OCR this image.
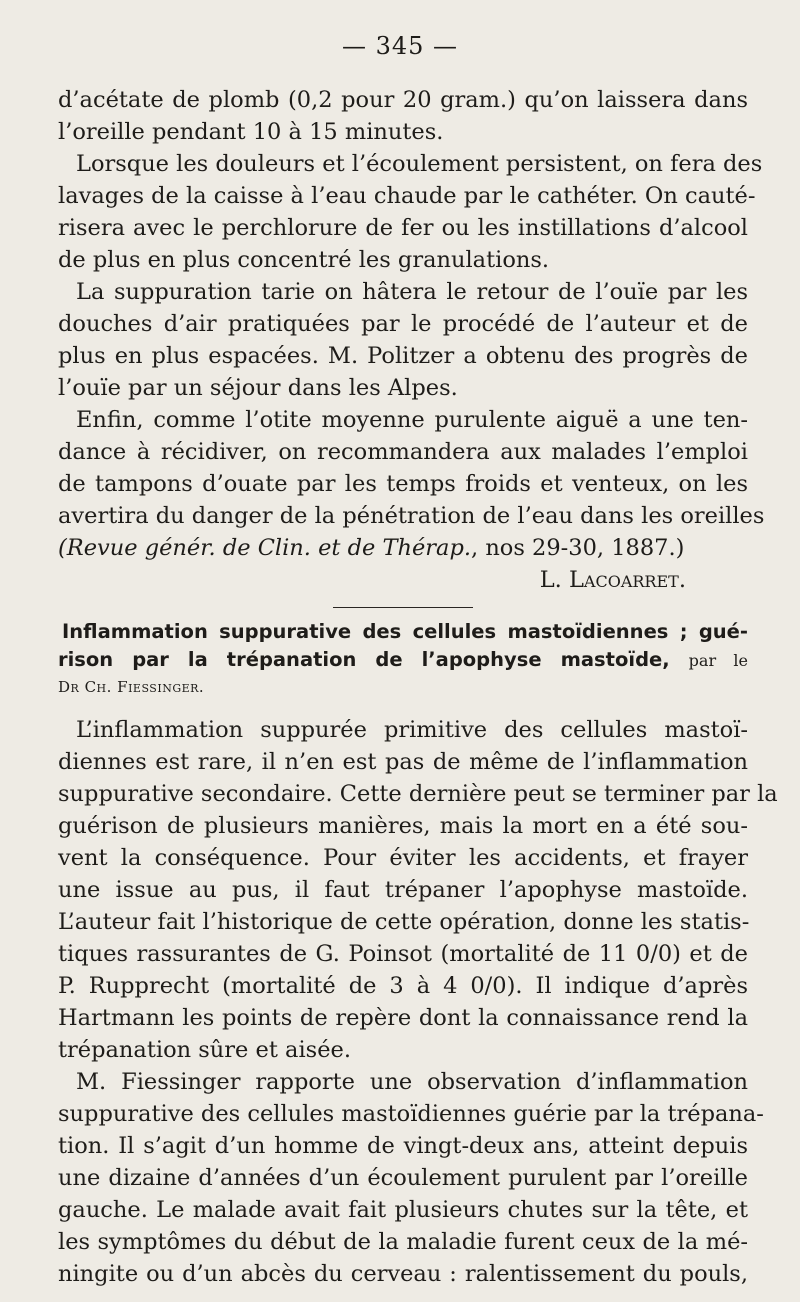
— 345 —
d’acétate de plomb (0,2 pour 20 gram.) qu’on laissera dans
l’oreille pendant 10 à 15 minutes.
Lorsque les douleurs et l’écoulement persistent, on fera des
lavages de la caisse à l’eau chaude par le cathéter. On cauté-
risera avec le perchlorure de fer ou les instillations d’alcool
de plus en plus concentré les granulations.
La suppuration tarie on hâtera le retour de l’ouïe par les
douches d’air pratiquées par le procédé de l’auteur et de
plus en plus espacées. M. Politzer a obtenu des progrès de
l’ouïe par un séjour dans les Alpes.
Enfin, comme l’otite moyenne purulente aiguë a une ten-
dance à récidiver, on recommandera aux malades l’emploi
de tampons d’ouate par les temps froids et venteux, on les
avertira du danger de la pénétration de l’eau dans les oreilles
(Revue génér. de Clin. et de Thérap., nos 29-30, 1887.)
L. Lacoarret.
Inflammation suppurative des cellules mastoïdiennes ; gué-
rison par la trépanation de l’apophyse mastoïde, par le
Dr Ch. Fiessinger.
L’inflammation suppurée primitive des cellules mastoï-
diennes est rare, il n’en est pas de même de l’inflammation
suppurative secondaire. Cette dernière peut se terminer par la
guérison de plusieurs manières, mais la mort en a été sou-
vent la conséquence. Pour éviter les accidents, et frayer
une issue au pus, il faut trépaner l’apophyse mastoïde.
L’auteur fait l’historique de cette opération, donne les statis-
tiques rassurantes de G. Poinsot (mortalité de 11 0/0) et de
P. Rupprecht (mortalité de 3 à 4 0/0). Il indique d’après
Hartmann les points de repère dont la connaissance rend la
trépanation sûre et aisée.
M. Fiessinger rapporte une observation d’inflammation
suppurative des cellules mastoïdiennes guérie par la trépana-
tion. Il s’agit d’un homme de vingt-deux ans, atteint depuis
une dizaine d’années d’un écoulement purulent par l’oreille
gauche. Le malade avait fait plusieurs chutes sur la tête, et
les symptômes du début de la maladie furent ceux de la mé-
ningite ou d’un abcès du cerveau : ralentissement du pouls,
